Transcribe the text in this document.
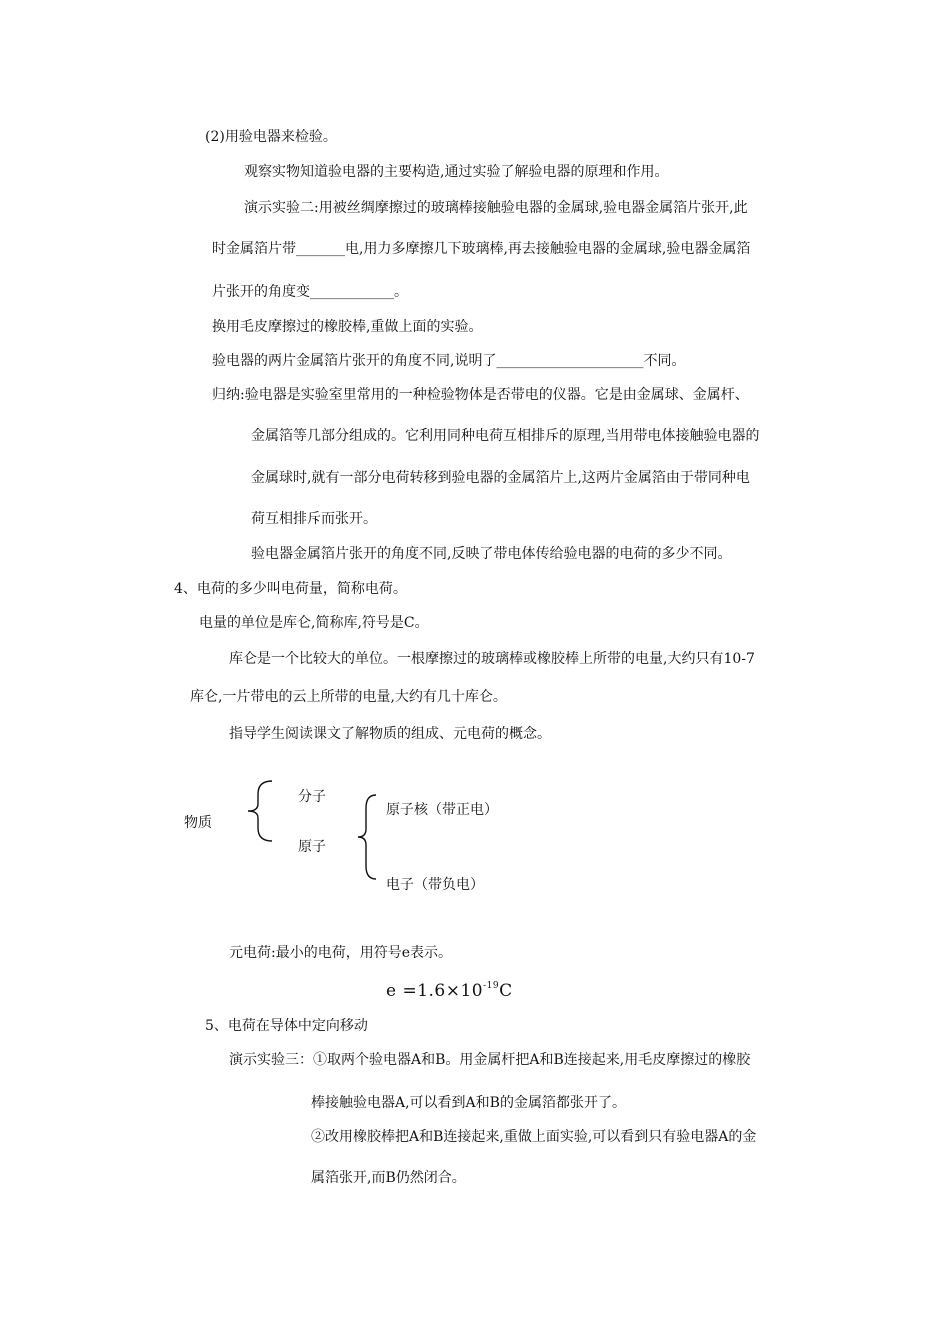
(2)用验电器来检验。
观察实物知道验电器的主要构造,通过实验了解验电器的原理和作用。
演示实验二:用被丝绸摩擦过的玻璃棒接触验电器的金属球,验电器金属箔片张开,此
时金属箔片带_______电,用力多摩擦几下玻璃棒,再去接触验电器的金属球,验电器金属箔
片张开的角度变____________。
换用毛皮摩擦过的橡胶棒,重做上面的实验。
验电器的两片金属箔片张开的角度不同,说明了_____________________不同。
归纳:验电器是实验室里常用的一种检验物体是否带电的仪器。它是由金属球、金属杆、
金属箔等几部分组成的。它利用同种电荷互相排斥的原理,当用带电体接触验电器的
金属球时,就有一部分电荷转移到验电器的金属箔片上,这两片金属箔由于带同种电
荷互相排斥而张开。
验电器金属箔片张开的角度不同,反映了带电体传给验电器的电荷的多少不同。
4、电荷的多少叫电荷量，简称电荷。
电量的单位是库仑,简称库,符号是C。
库仑是一个比较大的单位。一根摩擦过的玻璃棒或橡胶棒上所带的电量,大约只有10-7
库仑,一片带电的云上所带的电量,大约有几十库仑。
指导学生阅读课文了解物质的组成、元电荷的概念。
物质
分子
原子
原子核（带正电）
电子（带负电）
元电荷:最小的电荷，用符号e表示。
$e =1.6\times 10^{-19}C$
5、电荷在导体中定向移动
演示实验三：①取两个验电器A和B。用金属杆把A和B连接起来,用毛皮摩擦过的橡胶
棒接触验电器A,可以看到A和B的金属箔都张开了。
②改用橡胶棒把A和B连接起来,重做上面实验,可以看到只有验电器A的金
属箔张开,而B仍然闭合。
